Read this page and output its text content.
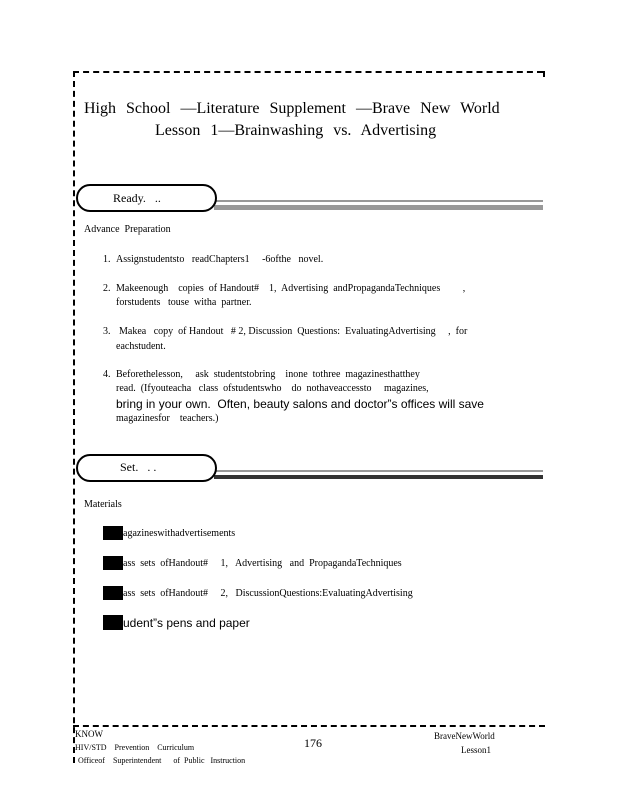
High School —Literature Supplement —Brave New World
Lesson 1—Brainwashing vs. Advertising
Ready.   ..
Advance  Preparation
1. Assignstudentsto   readChapters1     -6ofthe   novel.
2. Makeenough    copies  of Handout#    1,  Advertising  andPropagandaTechniques         ,
forstudents   touse  witha  partner.
3. Makea   copy  of Handout   # 2, Discussion  Questions:  EvaluatingAdvertising     ,  for
eachstudent.
4. Beforethelesson,     ask  studentstobring    inone  tothree  magazinesthatthey
read.  (Ifyouteacha   class  ofstudentswho    do  nothaveaccessto     magazines,
bring in your own.  Often, beauty salons and doctor”s offices will save
magazinesfor    teachers.)
Set.   . .
Materials
agazineswithadvertisements
ass  sets  ofHandout#     1,   Advertising   and  PropagandaTechniques
ass  sets  ofHandout#     2,   DiscussionQuestions:EvaluatingAdvertising
udent”s pens and paper
KNOW
HIV/STD    Prevention    Curriculum
Officeof    Superintendent      of  Public   Instruction
176	BraveNewWorld
Lesson1
